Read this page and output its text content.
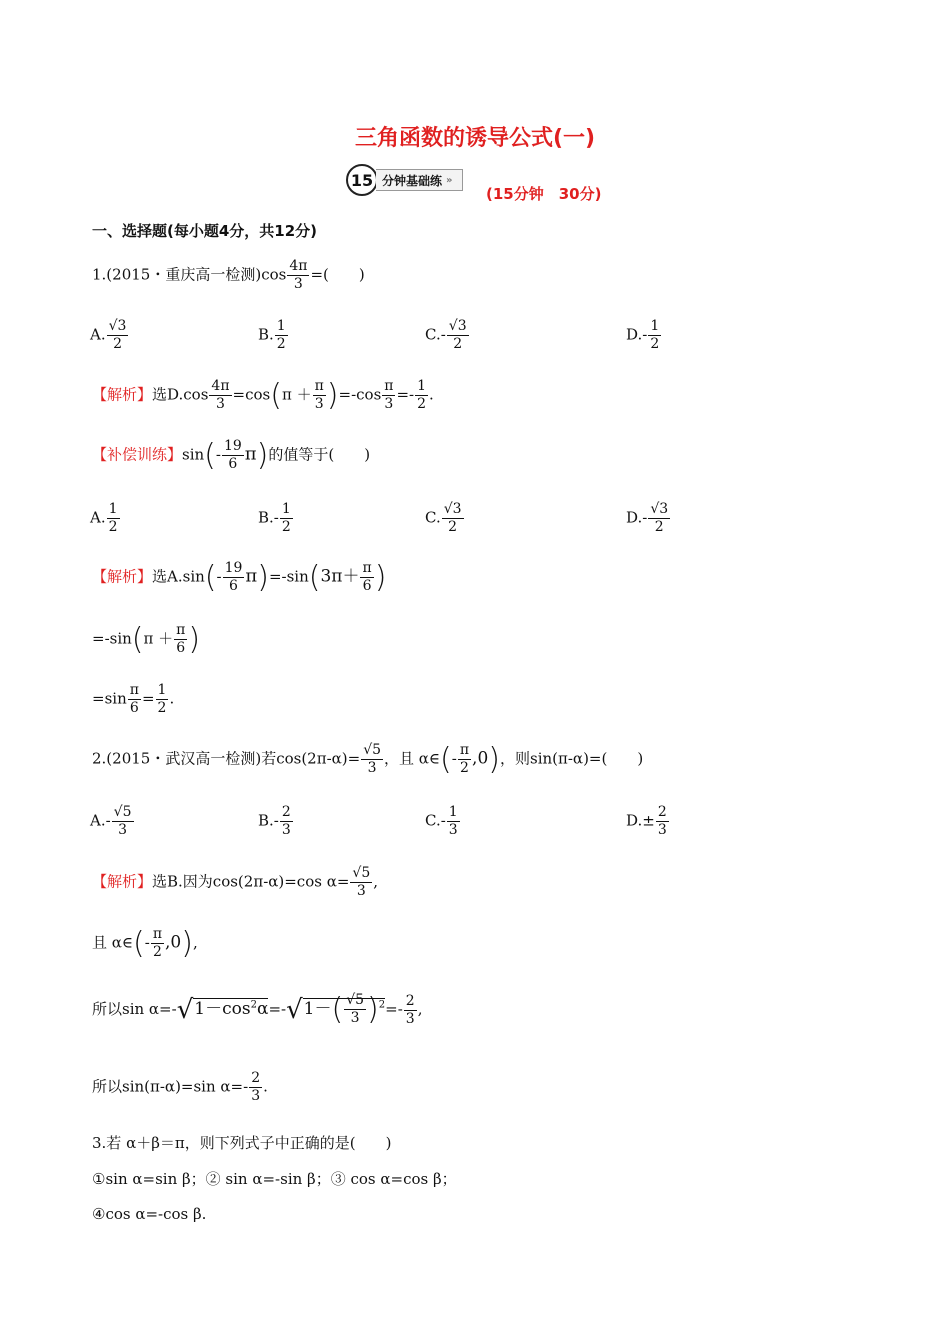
三角函数的诱导公式(一)
15 分钟基础练 »
(15分钟　30分)
一、选择题(每小题4分，共12分)
1.(2015・重庆高一检测)$\cos \frac{4\pi}{3}$ =(　　)
A. $\frac{√3}{2}$	B. $\frac{1}{2}$	$C.- \frac{√3}{2}$	$D.- \frac{1}{2}$
【解析】选$D.\cos \frac{4\pi}{3} =\cos(\pi + \frac{\pi}{3} )=-\cos \frac{\pi}{3} =- \frac{1}{2}$ .
【补偿训练】$\sin(- \frac{19}{6} \pi)$的值等于(　　)
A. $\frac{1}{2}$	$B.- \frac{1}{2}$	C. $\frac{√3}{2}$	$D.- \frac{√3}{2}$
【解析】选$A.\sin(- \frac{19}{6} \pi)=-\sin(3\pi+ \frac{\pi}{6}$ )
$=-\sin(\pi + \frac{\pi}{6}$ )
$=\sin \frac{\pi}{6} = \frac{1}{2}$ .
2.(2015・武汉高一检测)若$\cos(2\pi-\alpha)= \frac{√5}{3}$ ，且 α∈(- $\frac{\pi}{2} ,0$)，则sin(π-α)=(　　)
$A.- \frac{√5}{3}$	$B.- \frac{2}{3}$	$C.- \frac{1}{3}$	$D.\pm \frac{2}{3}$
【解析】选B.因为cos(2π-α)=cos $\alpha= \frac{√5}{3}$ ,
且 α∈(- $\frac{\pi}{2} ,0$),
所以$\sin \alpha=-√1-\cos^2\alpha=-√1-( \frac{√5}{3} )^2=- \frac{2}{3}$ ,
所以sin(π-α)=sin $\alpha=- \frac{2}{3}$ .
3.若 α＋β＝π，则下列式子中正确的是(　　)
①sin α=sin β；② sin α=-sin β；③ cos α=cos β；
④cos α=-cos β.
